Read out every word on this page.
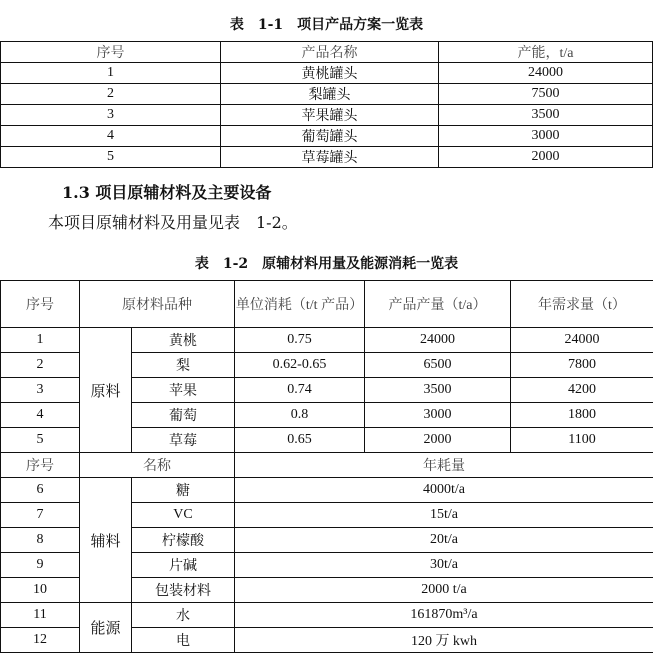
表　1-1　项目产品方案一览表
序号	产品名称	产能，t/a
1	黄桃罐头	24000
2	梨罐头	7500
3	苹果罐头	3500
4	葡萄罐头	3000
5	草莓罐头	2000
1.3 项目原辅材料及主要设备
本项目原辅材料及用量见表　1-2。
表　1-2　原辅材料用量及能源消耗一览表
序号	原材料品种		单位消耗（t/t 产品）	产品产量（t/a）	年需求量（t）
1	原料	黄桃	0.75	24000	24000
2		梨	0.62-0.65	6500	7800
3		苹果	0.74	3500	4200
4		葡萄	0.8	3000	1800
5		草莓	0.65	2000	1100
序号	名称		年耗量		
6	辅料	糖	4000t/a		
7		VC	15t/a		
8		柠檬酸	20t/a		
9		片碱	30t/a		
10		包装材料	2000 t/a		
11	能源	水	161870m³/a		
12		电	120 万 kwh		
